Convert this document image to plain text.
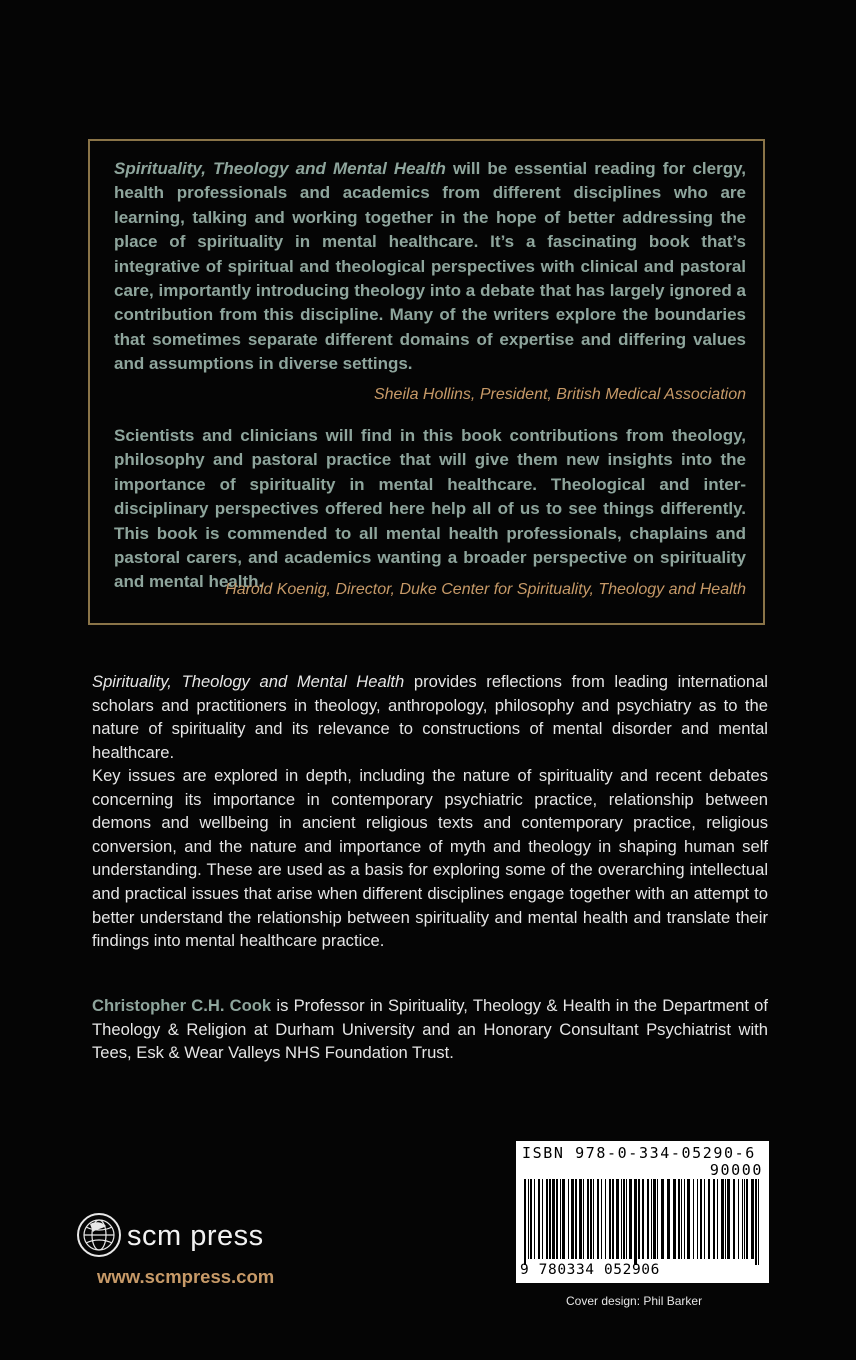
Spirituality, Theology and Mental Health will be essential reading for clergy, health professionals and academics from different disciplines who are learning, talking and working together in the hope of better addressing the place of spirituality in mental healthcare. It’s a fascinating book that’s integrative of spiritual and theological perspectives with clinical and pastoral care, importantly introducing theology into a debate that has largely ignored a contribution from this discipline. Many of the writers explore the boundaries that sometimes separate different domains of expertise and differing values and assumptions in diverse settings.

Sheila Hollins, President, British Medical Association

Scientists and clinicians will find in this book contributions from theology, philosophy and pastoral practice that will give them new insights into the importance of spirituality in mental healthcare. Theological and inter-disciplinary perspectives offered here help all of us to see things differently. This book is commended to all mental health professionals, chaplains and pastoral carers, and academics wanting a broader perspective on spirituality and mental health.

Harold Koenig, Director, Duke Center for Spirituality, Theology and Health

Spirituality, Theology and Mental Health provides reflections from leading international scholars and practitioners in theology, anthropology, philosophy and psychiatry as to the nature of spirituality and its relevance to constructions of mental disorder and mental healthcare.

Key issues are explored in depth, including the nature of spirituality and recent debates concerning its importance in contemporary psychiatric practice, relationship between demons and wellbeing in ancient religious texts and contemporary practice, religious conversion, and the nature and importance of myth and theology in shaping human self understanding. These are used as a basis for exploring some of the overarching intellectual and practical issues that arise when different disciplines engage together with an attempt to better understand the relationship between spirituality and mental health and translate their findings into mental healthcare practice.

Christopher C.H. Cook is Professor in Spirituality, Theology & Health in the Department of Theology & Religion at Durham University and an Honorary Consultant Psychiatrist with Tees, Esk & Wear Valleys NHS Foundation Trust.

ISBN 978-0-334-05290-6
90000
9 780334 052906
scm press
www.scmpress.com
Cover design: Phil Barker
